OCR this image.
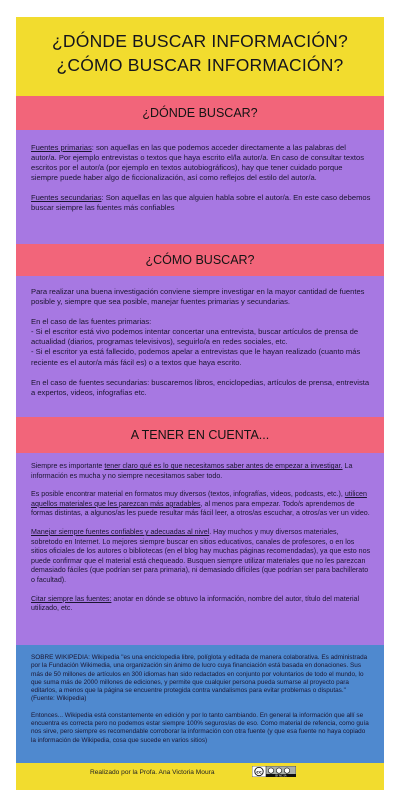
¿DÓNDE BUSCAR INFORMACIÓN?
¿CÓMO BUSCAR INFORMACIÓN?
¿DÓNDE BUSCAR?

Fuentes primarias: son aquellas en las que podemos acceder directamente a las palabras del autor/a. Por ejemplo entrevistas o textos que haya escrito el/la autor/a. En caso de consultar textos escritos por el autor/a (por ejemplo en textos autobiográficos), hay que tener cuidado porque siempre puede haber algo de ficcionalización, así como reflejos del estilo del autor/a.

Fuentes secundarias: Son aquellas en las que alguien habla sobre el autor/a. En este caso debemos buscar siempre las fuentes más confiables

¿CÓMO BUSCAR?

Para realizar una buena investigación conviene siempre investigar en la mayor cantidad de fuentes posible y, siempre que sea posible, manejar fuentes primarias y secundarias.

En el caso de las fuentes primarias:

- Si el escritor está vivo podemos intentar concertar una entrevista, buscar artículos de prensa de actualidad (diarios, programas televisivos), seguirlo/a en redes sociales, etc.

- Si el escritor ya está fallecido, podemos apelar a entrevistas que le hayan realizado (cuanto más reciente es el autor/a más fácil es) o a textos que haya escrito.

En el caso de fuentes secundarias: buscaremos libros, enciclopedias, artículos de prensa, entrevista a expertos, videos, infografías etc.

A TENER EN CUENTA...

Siempre es importante tener claro qué es lo que necesitamos saber antes de empezar a investigar. La información es mucha y no siempre necesitamos saber todo.

Es posible encontrar material en formatos muy diversos (textos, infografías, videos, podcasts, etc.), utilicen aquellos materiales que les parezcan más agradables, al menos para empezar. Todo/s aprendemos de formas distintas, a algunos/as les puede resultar más fácil leer, a otros/as escuchar, a otros/as ver un video.

Manejar siempre fuentes confiables y adecuadas al nivel. Hay muchos y muy diversos materiales, sobretodo en Internet. Lo mejores siempre buscar en sitios educativos, canales de profesores, o en los sitios oficiales de los autores o bibliotecas (en el blog hay muchas páginas recomendadas), ya que esto nos puede confirmar que el material está chequeado. Busquen siempre utilizar materiales que no les parezcan demasiado fáciles (que podrían ser para primaria), ni demasiado difíciles (que podrían ser para bachillerato o facultad).

Citar siempre las fuentes: anotar en dónde se obtuvo la información, nombre del autor, título del material utilizado, etc.

SOBRE WIKIPEDIA: Wikipedia "es una enciclopedia libre, políglota y editada de manera colaborativa. Es administrada por la Fundación Wikimedia, una organización sin ánimo de lucro cuya financiación está basada en donaciones. Sus más de 50 millones de artículos en 300 idiomas han sido redactados en conjunto por voluntarios de todo el mundo, lo que suma más de 2000 millones de ediciones, y permite que cualquier persona pueda sumarse al proyecto para editarlos, a menos que la página se encuentre protegida contra vandalismos para evitar problemas o disputas." (Fuente: Wikipedia)

Entonces... Wikipedia está constantemente en edición y por lo tanto cambiando. En general la información que allí se encuentra es correcta pero no podemos estar siempre 100% seguros/as de eso. Como material de refencia, como guía nos sirve, pero siempre es recomendable corroborar la información con otra fuente (y que esa fuente no haya copiado la información de Wikipedia, cosa que sucede en varios sitios)

Realizado por la Profa. Ana Victoria Moura	cc
BY NC SA
